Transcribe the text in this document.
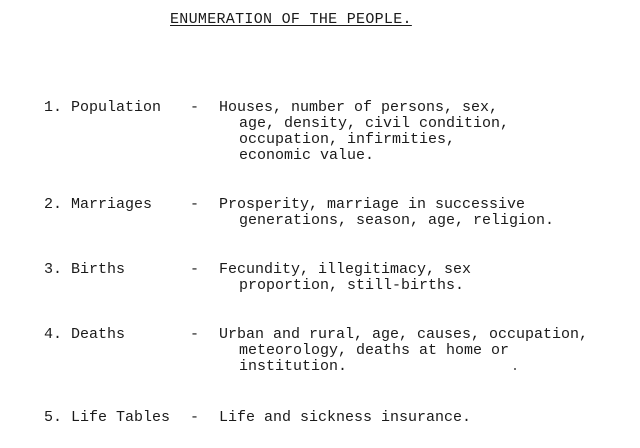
ENUMERATION OF THE PEOPLE.
1. Population - Houses, number of persons, sex,
age, density, civil condition,
occupation, infirmities,
economic value.
2. Marriages	- Prosperity, marriage in successive
generations, season, age, religion.
3. Births	- Fecundity, illegitimacy, sex
proportion, still-births.
4. Deaths	- Urban and rural, age, causes, occupation,
meteorology, deaths at home or
institution.
5. Life Tables - Life and sickness insurance.
